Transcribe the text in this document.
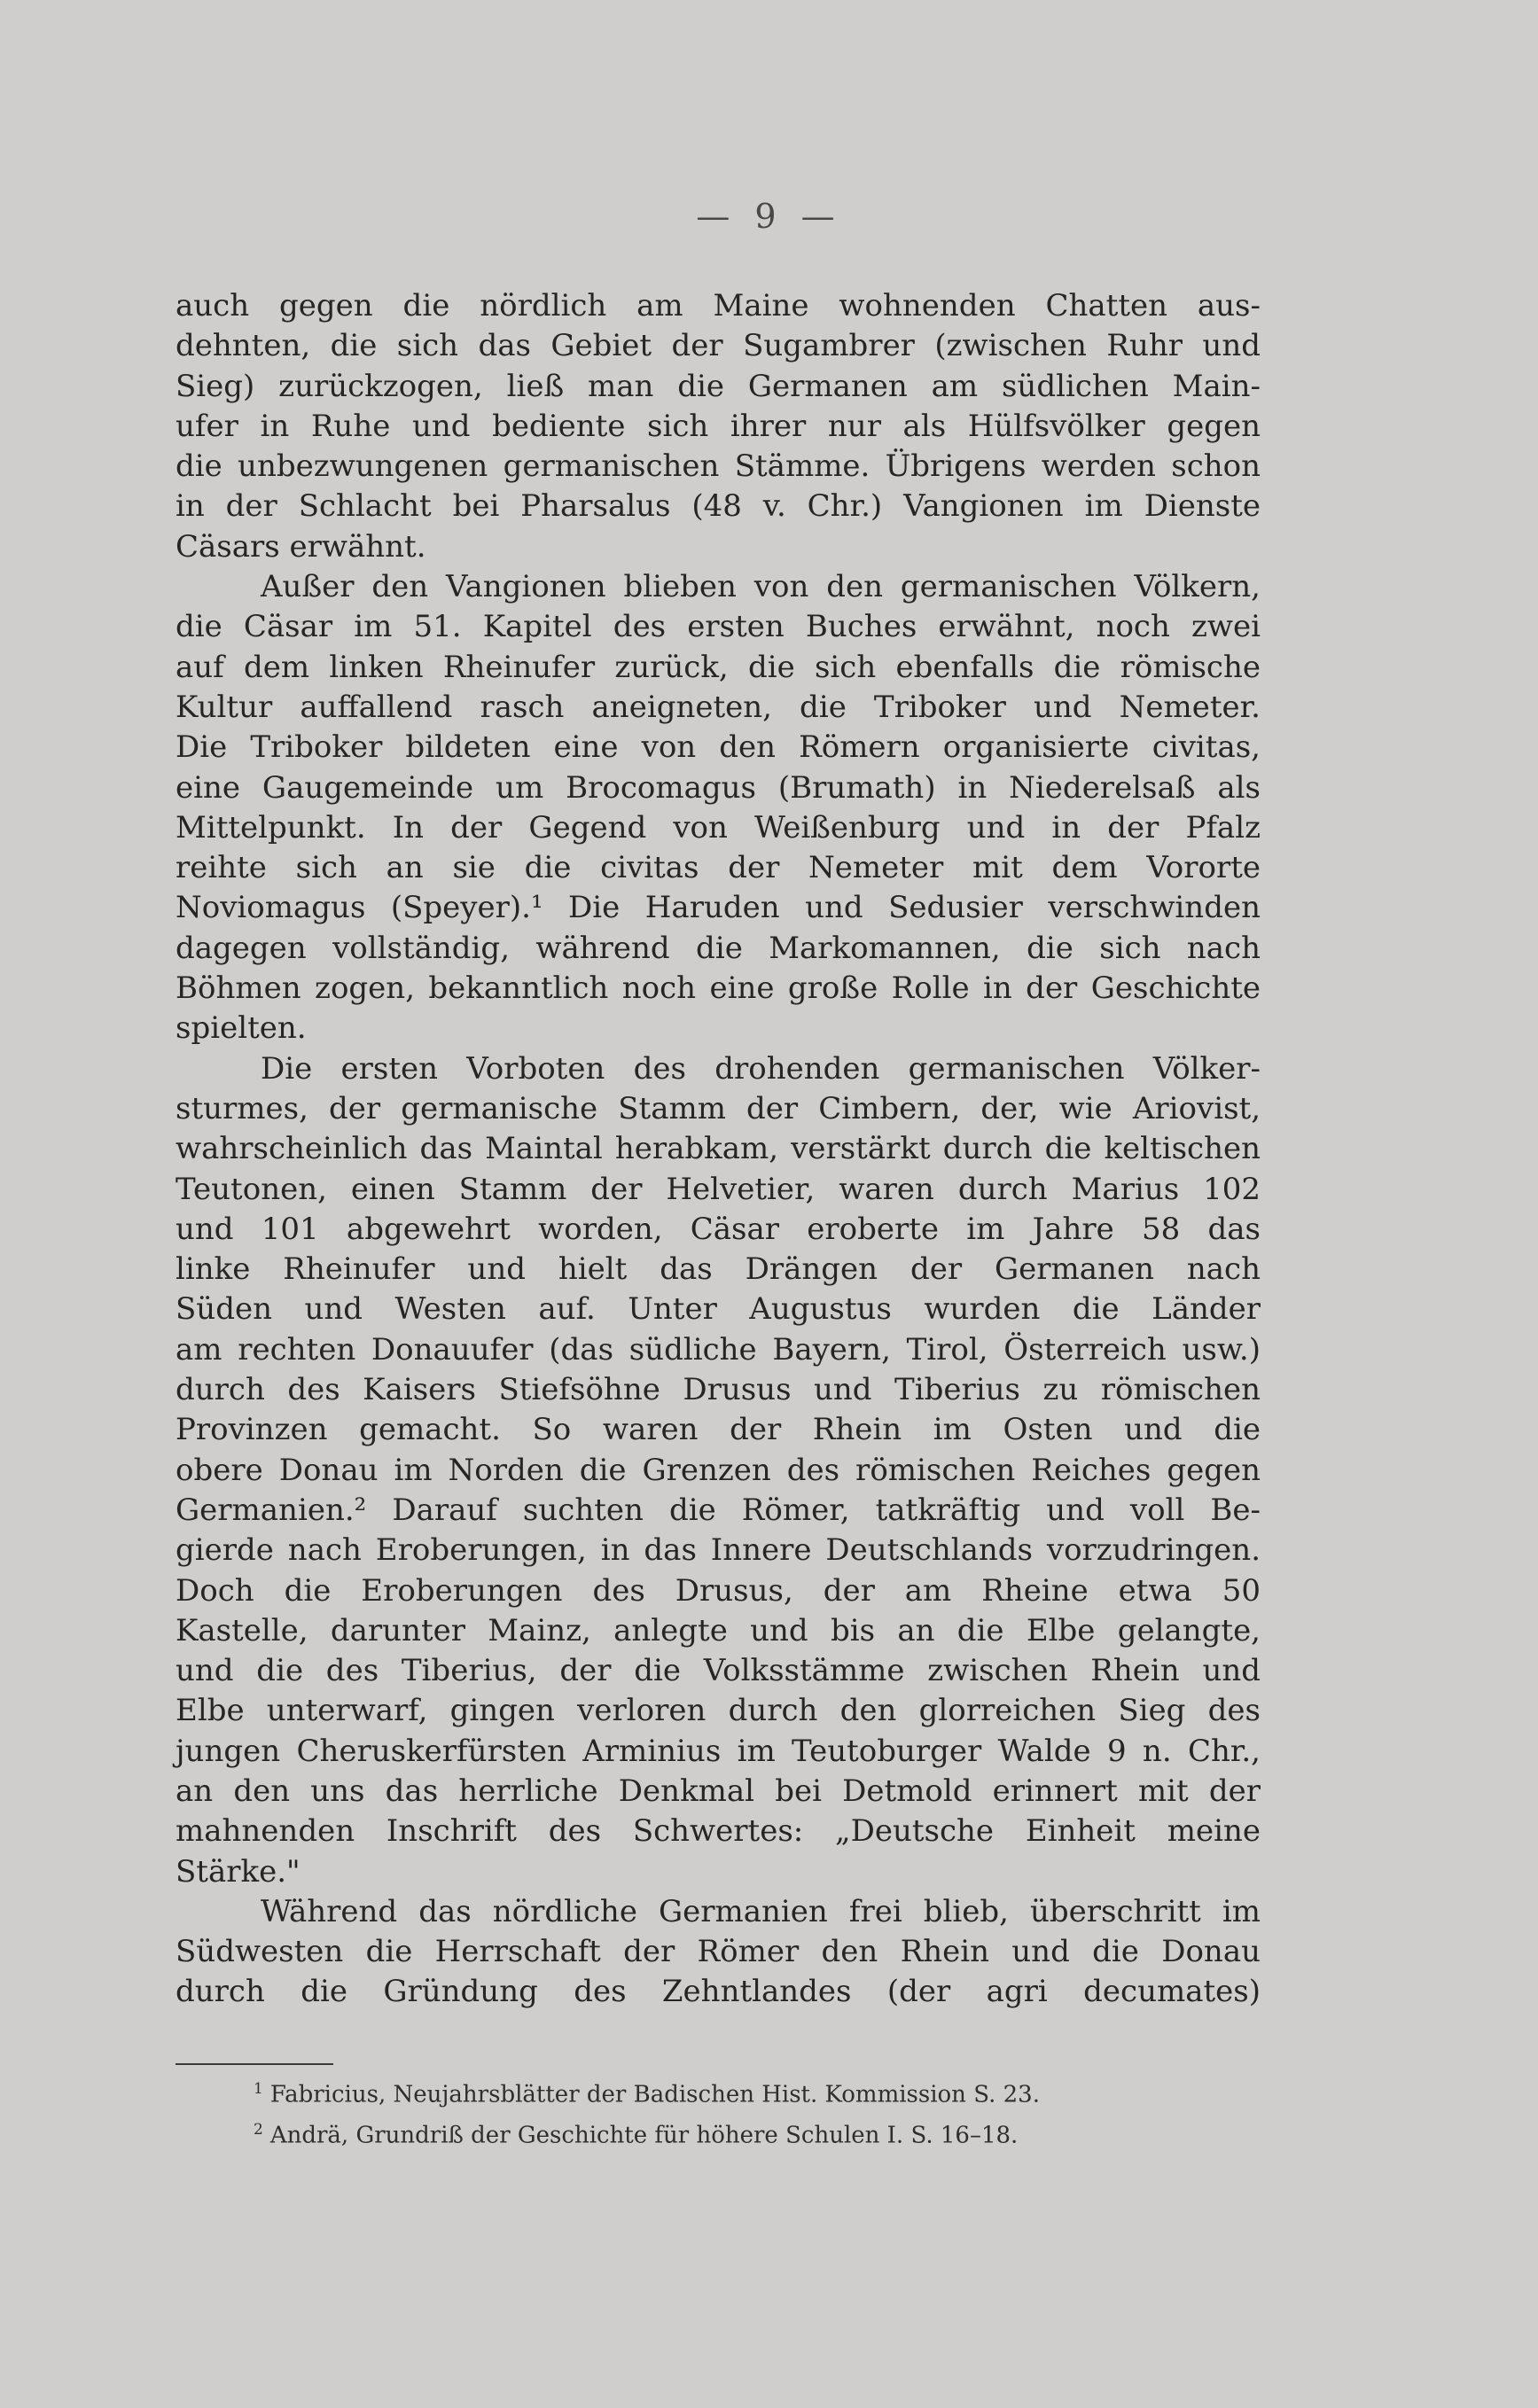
— 9 —
auch gegen die nördlich am Maine wohnenden Chatten aus-
dehnten, die sich das Gebiet der Sugambrer (zwischen Ruhr und
Sieg) zurückzogen, ließ man die Germanen am südlichen Main-
ufer in Ruhe und bediente sich ihrer nur als Hülfsvölker gegen
die unbezwungenen germanischen Stämme. Übrigens werden schon
in der Schlacht bei Pharsalus (48 v. Chr.) Vangionen im Dienste
Cäsars erwähnt.
Außer den Vangionen blieben von den germanischen Völkern,
die Cäsar im 51. Kapitel des ersten Buches erwähnt, noch zwei
auf dem linken Rheinufer zurück, die sich ebenfalls die römische
Kultur auffallend rasch aneigneten, die Triboker und Nemeter.
Die Triboker bildeten eine von den Römern organisierte civitas,
eine Gaugemeinde um Brocomagus (Brumath) in Niederelsaß als
Mittelpunkt. In der Gegend von Weißenburg und in der Pfalz
reihte sich an sie die civitas der Nemeter mit dem Vororte
Noviomagus (Speyer).¹ Die Haruden und Sedusier verschwinden
dagegen vollständig, während die Markomannen, die sich nach
Böhmen zogen, bekanntlich noch eine große Rolle in der Geschichte
spielten.
Die ersten Vorboten des drohenden germanischen Völker-
sturmes, der germanische Stamm der Cimbern, der, wie Ariovist,
wahrscheinlich das Maintal herabkam, verstärkt durch die keltischen
Teutonen, einen Stamm der Helvetier, waren durch Marius 102
und 101 abgewehrt worden, Cäsar eroberte im Jahre 58 das
linke Rheinufer und hielt das Drängen der Germanen nach
Süden und Westen auf. Unter Augustus wurden die Länder
am rechten Donauufer (das südliche Bayern, Tirol, Österreich usw.)
durch des Kaisers Stiefsöhne Drusus und Tiberius zu römischen
Provinzen gemacht. So waren der Rhein im Osten und die
obere Donau im Norden die Grenzen des römischen Reiches gegen
Germanien.² Darauf suchten die Römer, tatkräftig und voll Be-
gierde nach Eroberungen, in das Innere Deutschlands vorzudringen.
Doch die Eroberungen des Drusus, der am Rheine etwa 50
Kastelle, darunter Mainz, anlegte und bis an die Elbe gelangte,
und die des Tiberius, der die Volksstämme zwischen Rhein und
Elbe unterwarf, gingen verloren durch den glorreichen Sieg des
jungen Cheruskerfürsten Arminius im Teutoburger Walde 9 n. Chr.,
an den uns das herrliche Denkmal bei Detmold erinnert mit der
mahnenden Inschrift des Schwertes: „Deutsche Einheit meine
Stärke."
Während das nördliche Germanien frei blieb, überschritt im
Südwesten die Herrschaft der Römer den Rhein und die Donau
durch die Gründung des Zehntlandes (der agri decumates)
$^1$ Fabricius, Neujahrsblätter der Badischen Hist. Kommission S. 23.
$^2$ Andrä, Grundriß der Geschichte für höhere Schulen I. S. 16–18.
